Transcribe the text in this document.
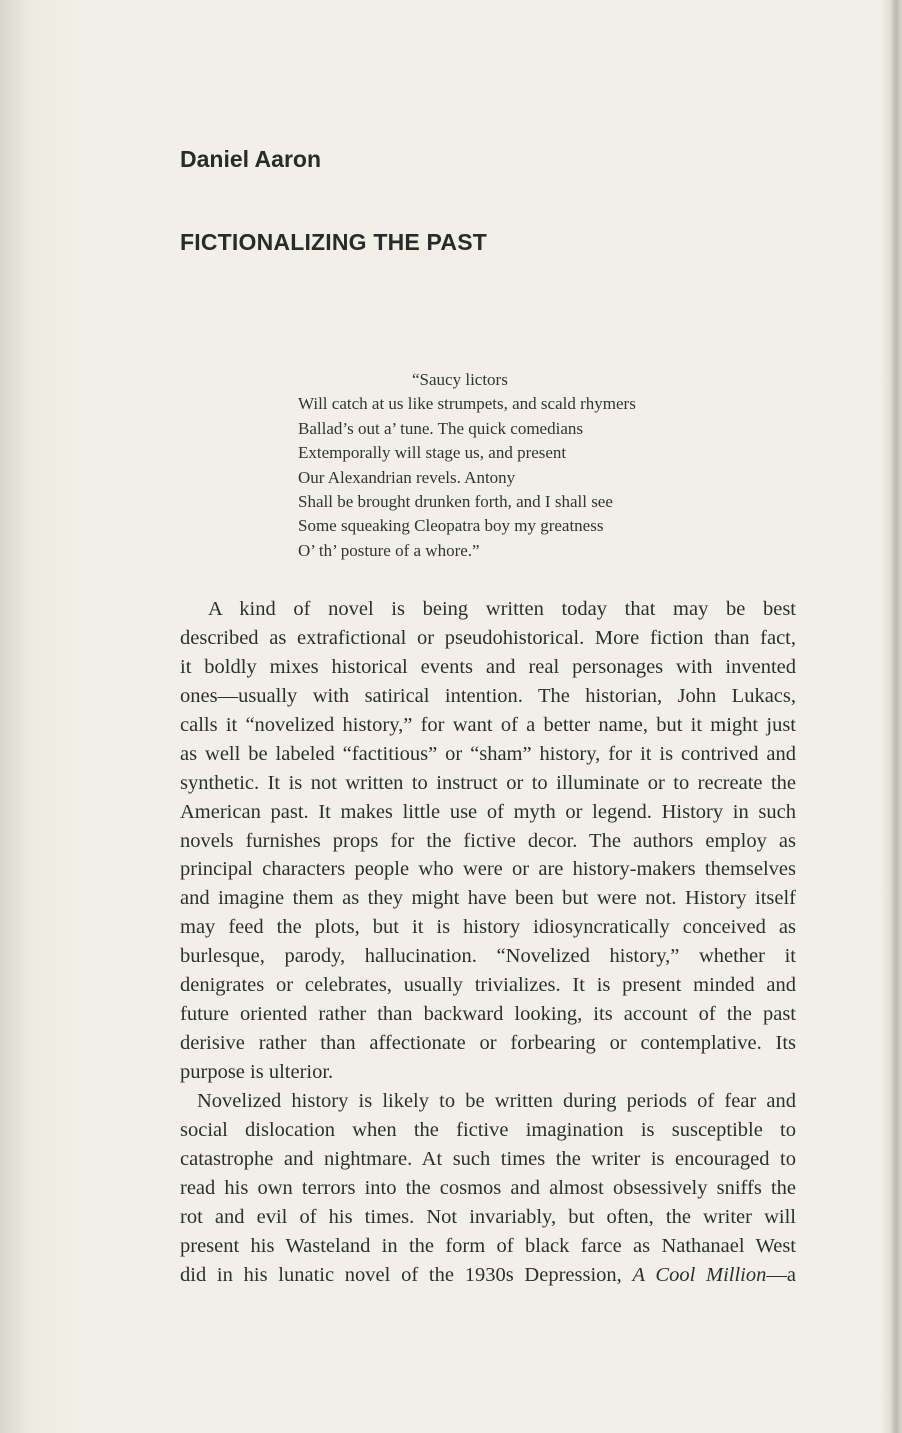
Daniel Aaron
FICTIONALIZING THE PAST
“Saucy lictors
Will catch at us like strumpets, and scald rhymers
Ballad’s out a’ tune. The quick comedians
Extemporally will stage us, and present
Our Alexandrian revels. Antony
Shall be brought drunken forth, and I shall see
Some squeaking Cleopatra boy my greatness
O’ th’ posture of a whore.”
A kind of novel is being written today that may be best
described as extrafictional or pseudohistorical. More fiction than fact,
it boldly mixes historical events and real personages with invented
ones—usually with satirical intention. The historian, John Lukacs,
calls it “novelized history,” for want of a better name, but it might just
as well be labeled “factitious” or “sham” history, for it is contrived and
synthetic. It is not written to instruct or to illuminate or to recreate the
American past. It makes little use of myth or legend. History in such
novels furnishes props for the fictive decor. The authors employ as
principal characters people who were or are history-makers themselves
and imagine them as they might have been but were not. History itself
may feed the plots, but it is history idiosyncratically conceived as
burlesque, parody, hallucination. “Novelized history,” whether it
denigrates or celebrates, usually trivializes. It is present minded and
future oriented rather than backward looking, its account of the past
derisive rather than affectionate or forbearing or contemplative. Its
purpose is ulterior.
Novelized history is likely to be written during periods of fear and
social dislocation when the fictive imagination is susceptible to
catastrophe and nightmare. At such times the writer is encouraged to
read his own terrors into the cosmos and almost obsessively sniffs the
rot and evil of his times. Not invariably, but often, the writer will
present his Wasteland in the form of black farce as Nathanael West
did in his lunatic novel of the 1930s Depression, A Cool Million—a
